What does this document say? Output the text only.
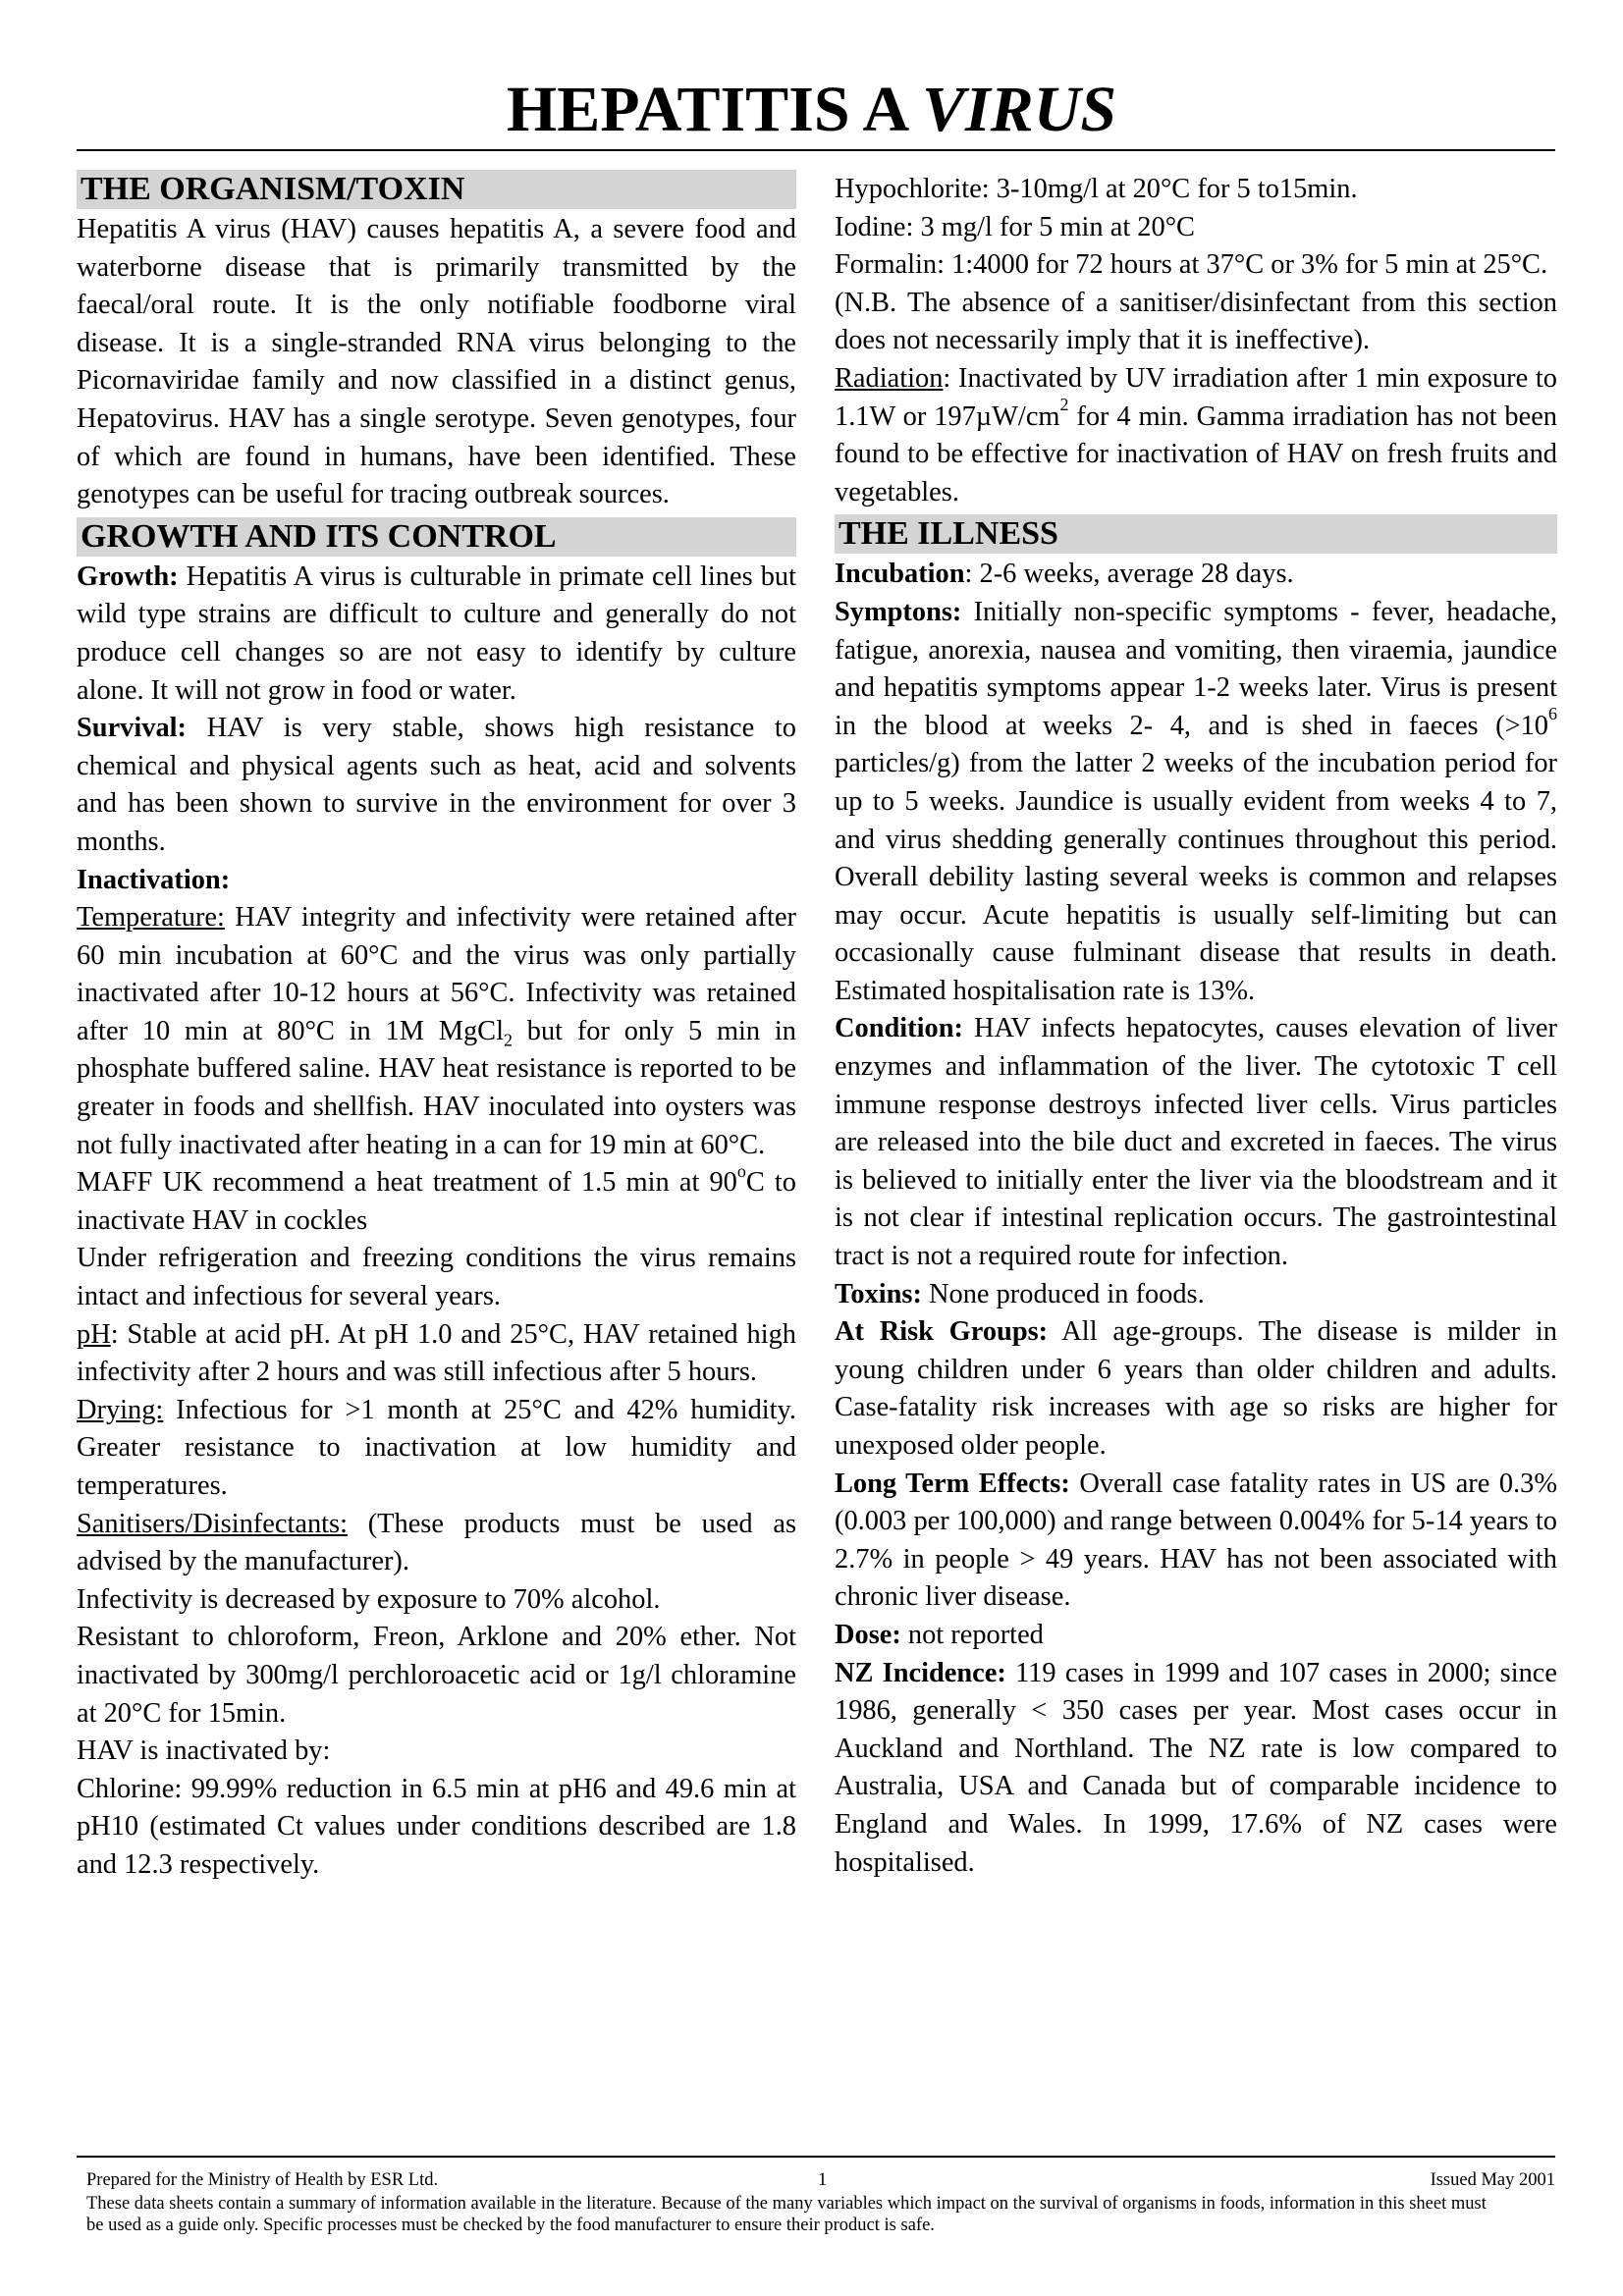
HEPATITIS A VIRUS
THE ORGANISM/TOXIN

Hepatitis A virus (HAV) causes hepatitis A, a severe food and waterborne disease that is primarily transmitted by the faecal/oral route. It is the only notifiable foodborne viral disease. It is a single-stranded RNA virus belonging to the Picornaviridae family and now classified in a distinct genus, Hepatovirus. HAV has a single serotype. Seven genotypes, four of which are found in humans, have been identified. These genotypes can be useful for tracing outbreak sources.

GROWTH AND ITS CONTROL

Growth: Hepatitis A virus is culturable in primate cell lines but wild type strains are difficult to culture and generally do not produce cell changes so are not easy to identify by culture alone. It will not grow in food or water.

Survival: HAV is very stable, shows high resistance to chemical and physical agents such as heat, acid and solvents and has been shown to survive in the environment for over 3 months.

Inactivation:

Temperature: HAV integrity and infectivity were retained after 60 min incubation at 60°C and the virus was only partially inactivated after 10-12 hours at 56°C. Infectivity was retained after 10 min at 80°C in 1M MgCl$_2$ but for only 5 min in phosphate buffered saline. HAV heat resistance is reported to be greater in foods and shellfish. HAV inoculated into oysters was not fully inactivated after heating in a can for 19 min at 60°C.

MAFF UK recommend a heat treatment of 1.5 min at 90$^o$C to inactivate HAV in cockles

Under refrigeration and freezing conditions the virus remains intact and infectious for several years.

pH: Stable at acid pH. At pH 1.0 and 25°C, HAV retained high infectivity after 2 hours and was still infectious after 5 hours.

Drying: Infectious for >1 month at 25°C and 42% humidity. Greater resistance to inactivation at low humidity and temperatures.

Sanitisers/Disinfectants: (These products must be used as advised by the manufacturer).

Infectivity is decreased by exposure to 70% alcohol.

Resistant to chloroform, Freon, Arklone and 20% ether. Not inactivated by 300mg/l perchloroacetic acid or 1g/l chloramine at 20°C for 15min.

HAV is inactivated by:

Chlorine: 99.99% reduction in 6.5 min at pH6 and 49.6 min at pH10 (estimated Ct values under conditions described are 1.8 and 12.3 respectively.

Hypochlorite: 3-10mg/l at 20°C for 5 to15min.

Iodine: 3 mg/l for 5 min at 20°C

Formalin: 1:4000 for 72 hours at 37°C or 3% for 5 min at 25°C.

(N.B. The absence of a sanitiser/disinfectant from this section does not necessarily imply that it is ineffective).

Radiation: Inactivated by UV irradiation after 1 min exposure to 1.1W or $197\mu W/cm^2$ for 4 min. Gamma irradiation has not been found to be effective for inactivation of HAV on fresh fruits and vegetables.

THE ILLNESS

Incubation: 2-6 weeks, average 28 days.

Symptons: Initially non-specific symptoms - fever, headache, fatigue, anorexia, nausea and vomiting, then viraemia, jaundice and hepatitis symptoms appear 1-2 weeks later. Virus is present in the blood at weeks 2- 4, and is shed in faeces ($>10^6$ particles/g) from the latter 2 weeks of the incubation period for up to 5 weeks. Jaundice is usually evident from weeks 4 to 7, and virus shedding generally continues throughout this period. Overall debility lasting several weeks is common and relapses may occur. Acute hepatitis is usually self-limiting but can occasionally cause fulminant disease that results in death. Estimated hospitalisation rate is 13%.

Condition: HAV infects hepatocytes, causes elevation of liver enzymes and inflammation of the liver. The cytotoxic T cell immune response destroys infected liver cells. Virus particles are released into the bile duct and excreted in faeces. The virus is believed to initially enter the liver via the bloodstream and it is not clear if intestinal replication occurs. The gastrointestinal tract is not a required route for infection.

Toxins: None produced in foods.

At Risk Groups: All age-groups. The disease is milder in young children under 6 years than older children and adults. Case-fatality risk increases with age so risks are higher for unexposed older people.

Long Term Effects: Overall case fatality rates in US are 0.3% (0.003 per 100,000) and range between 0.004% for 5-14 years to 2.7% in people > 49 years. HAV has not been associated with chronic liver disease.

Dose: not reported

NZ Incidence: 119 cases in 1999 and 107 cases in 2000; since 1986, generally < 350 cases per year. Most cases occur in Auckland and Northland. The NZ rate is low compared to Australia, USA and Canada but of comparable incidence to England and Wales. In 1999, 17.6% of NZ cases were hospitalised.

Prepared for the Ministry of Health by ESR Ltd.	1	Issued May 2001
These data sheets contain a summary of information available in the literature. Because of the many variables which impact on the survival of organisms in foods, information in this sheet must be used as a guide only. Specific processes must be checked by the food manufacturer to ensure their product is safe.
